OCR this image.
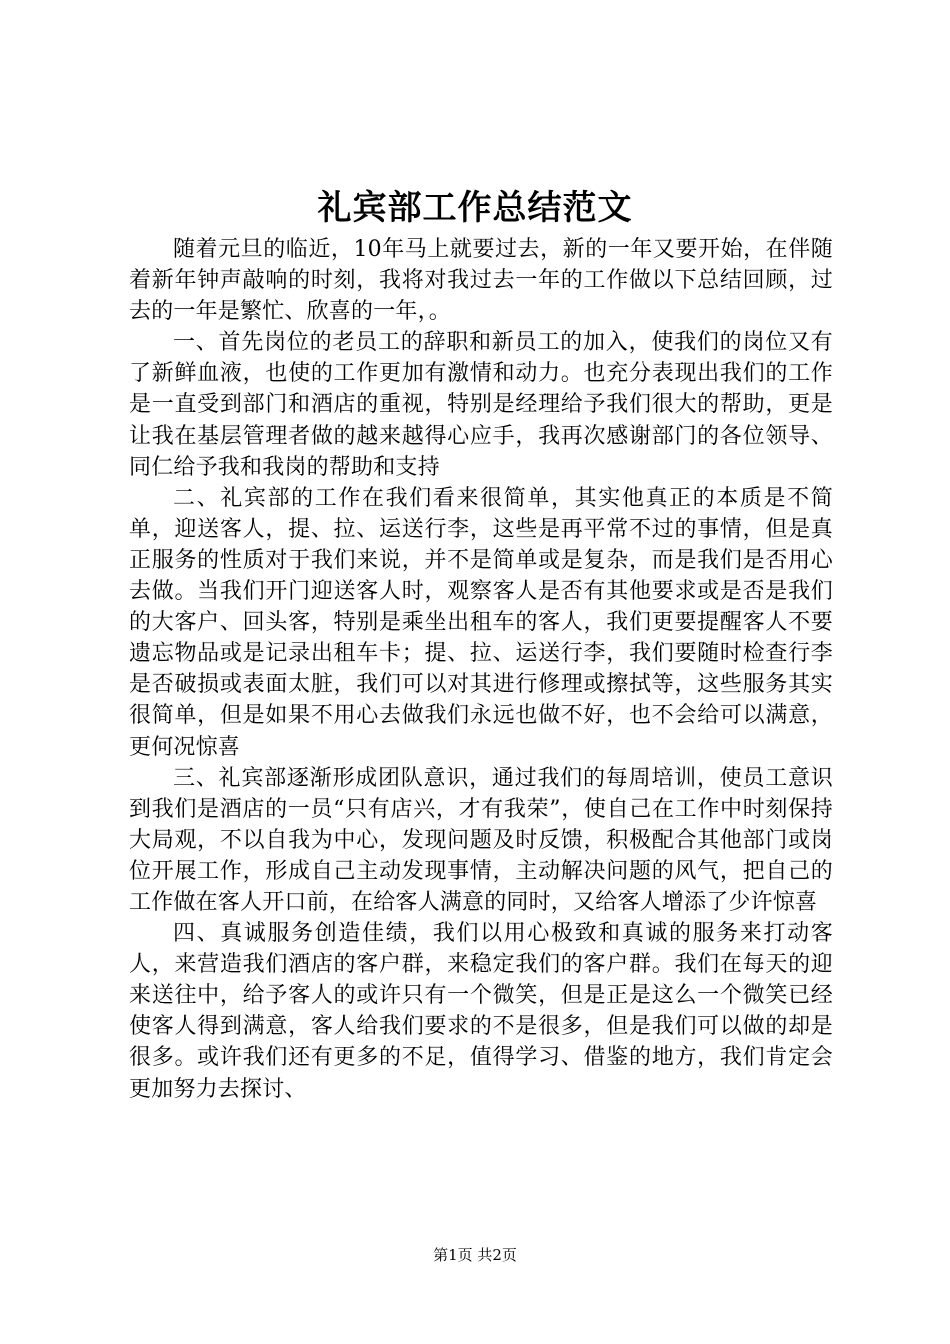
礼宾部工作总结范文

随着元旦的临近，10年马上就要过去，新的一年又要开始，在伴随着新年钟声敲响的时刻，我将对我过去一年的工作做以下总结回顾，过去的一年是繁忙、欣喜的一年，。

一、首先岗位的老员工的辞职和新员工的加入，使我们的岗位又有了新鲜血液，也使的工作更加有激情和动力。也充分表现出我们的工作是一直受到部门和酒店的重视，特别是经理给予我们很大的帮助，更是让我在基层管理者做的越来越得心应手，我再次感谢部门的各位领导、同仁给予我和我岗的帮助和支持

二、礼宾部的工作在我们看来很简单，其实他真正的本质是不简单，迎送客人，提、拉、运送行李，这些是再平常不过的事情，但是真正服务的性质对于我们来说，并不是简单或是复杂，而是我们是否用心去做。当我们开门迎送客人时，观察客人是否有其他要求或是否是我们的大客户、回头客，特别是乘坐出租车的客人，我们更要提醒客人不要遗忘物品或是记录出租车卡；提、拉、运送行李，我们要随时检查行李是否破损或表面太脏，我们可以对其进行修理或擦拭等，这些服务其实很简单，但是如果不用心去做我们永远也做不好，也不会给可以满意，更何况惊喜

三、礼宾部逐渐形成团队意识，通过我们的每周培训，使员工意识到我们是酒店的一员“只有店兴，才有我荣”，使自己在工作中时刻保持大局观，不以自我为中心，发现问题及时反馈，积极配合其他部门或岗位开展工作，形成自己主动发现事情，主动解决问题的风气，把自己的工作做在客人开口前，在给客人满意的同时，又给客人增添了少许惊喜

四、真诚服务创造佳绩，我们以用心极致和真诚的服务来打动客人，来营造我们酒店的客户群，来稳定我们的客户群。我们在每天的迎来送往中，给予客人的或许只有一个微笑，但是正是这么一个微笑已经使客人得到满意，客人给我们要求的不是很多，但是我们可以做的却是很多。或许我们还有更多的不足，值得学习、借鉴的地方，我们肯定会更加努力去探讨、

第1页 共2页
